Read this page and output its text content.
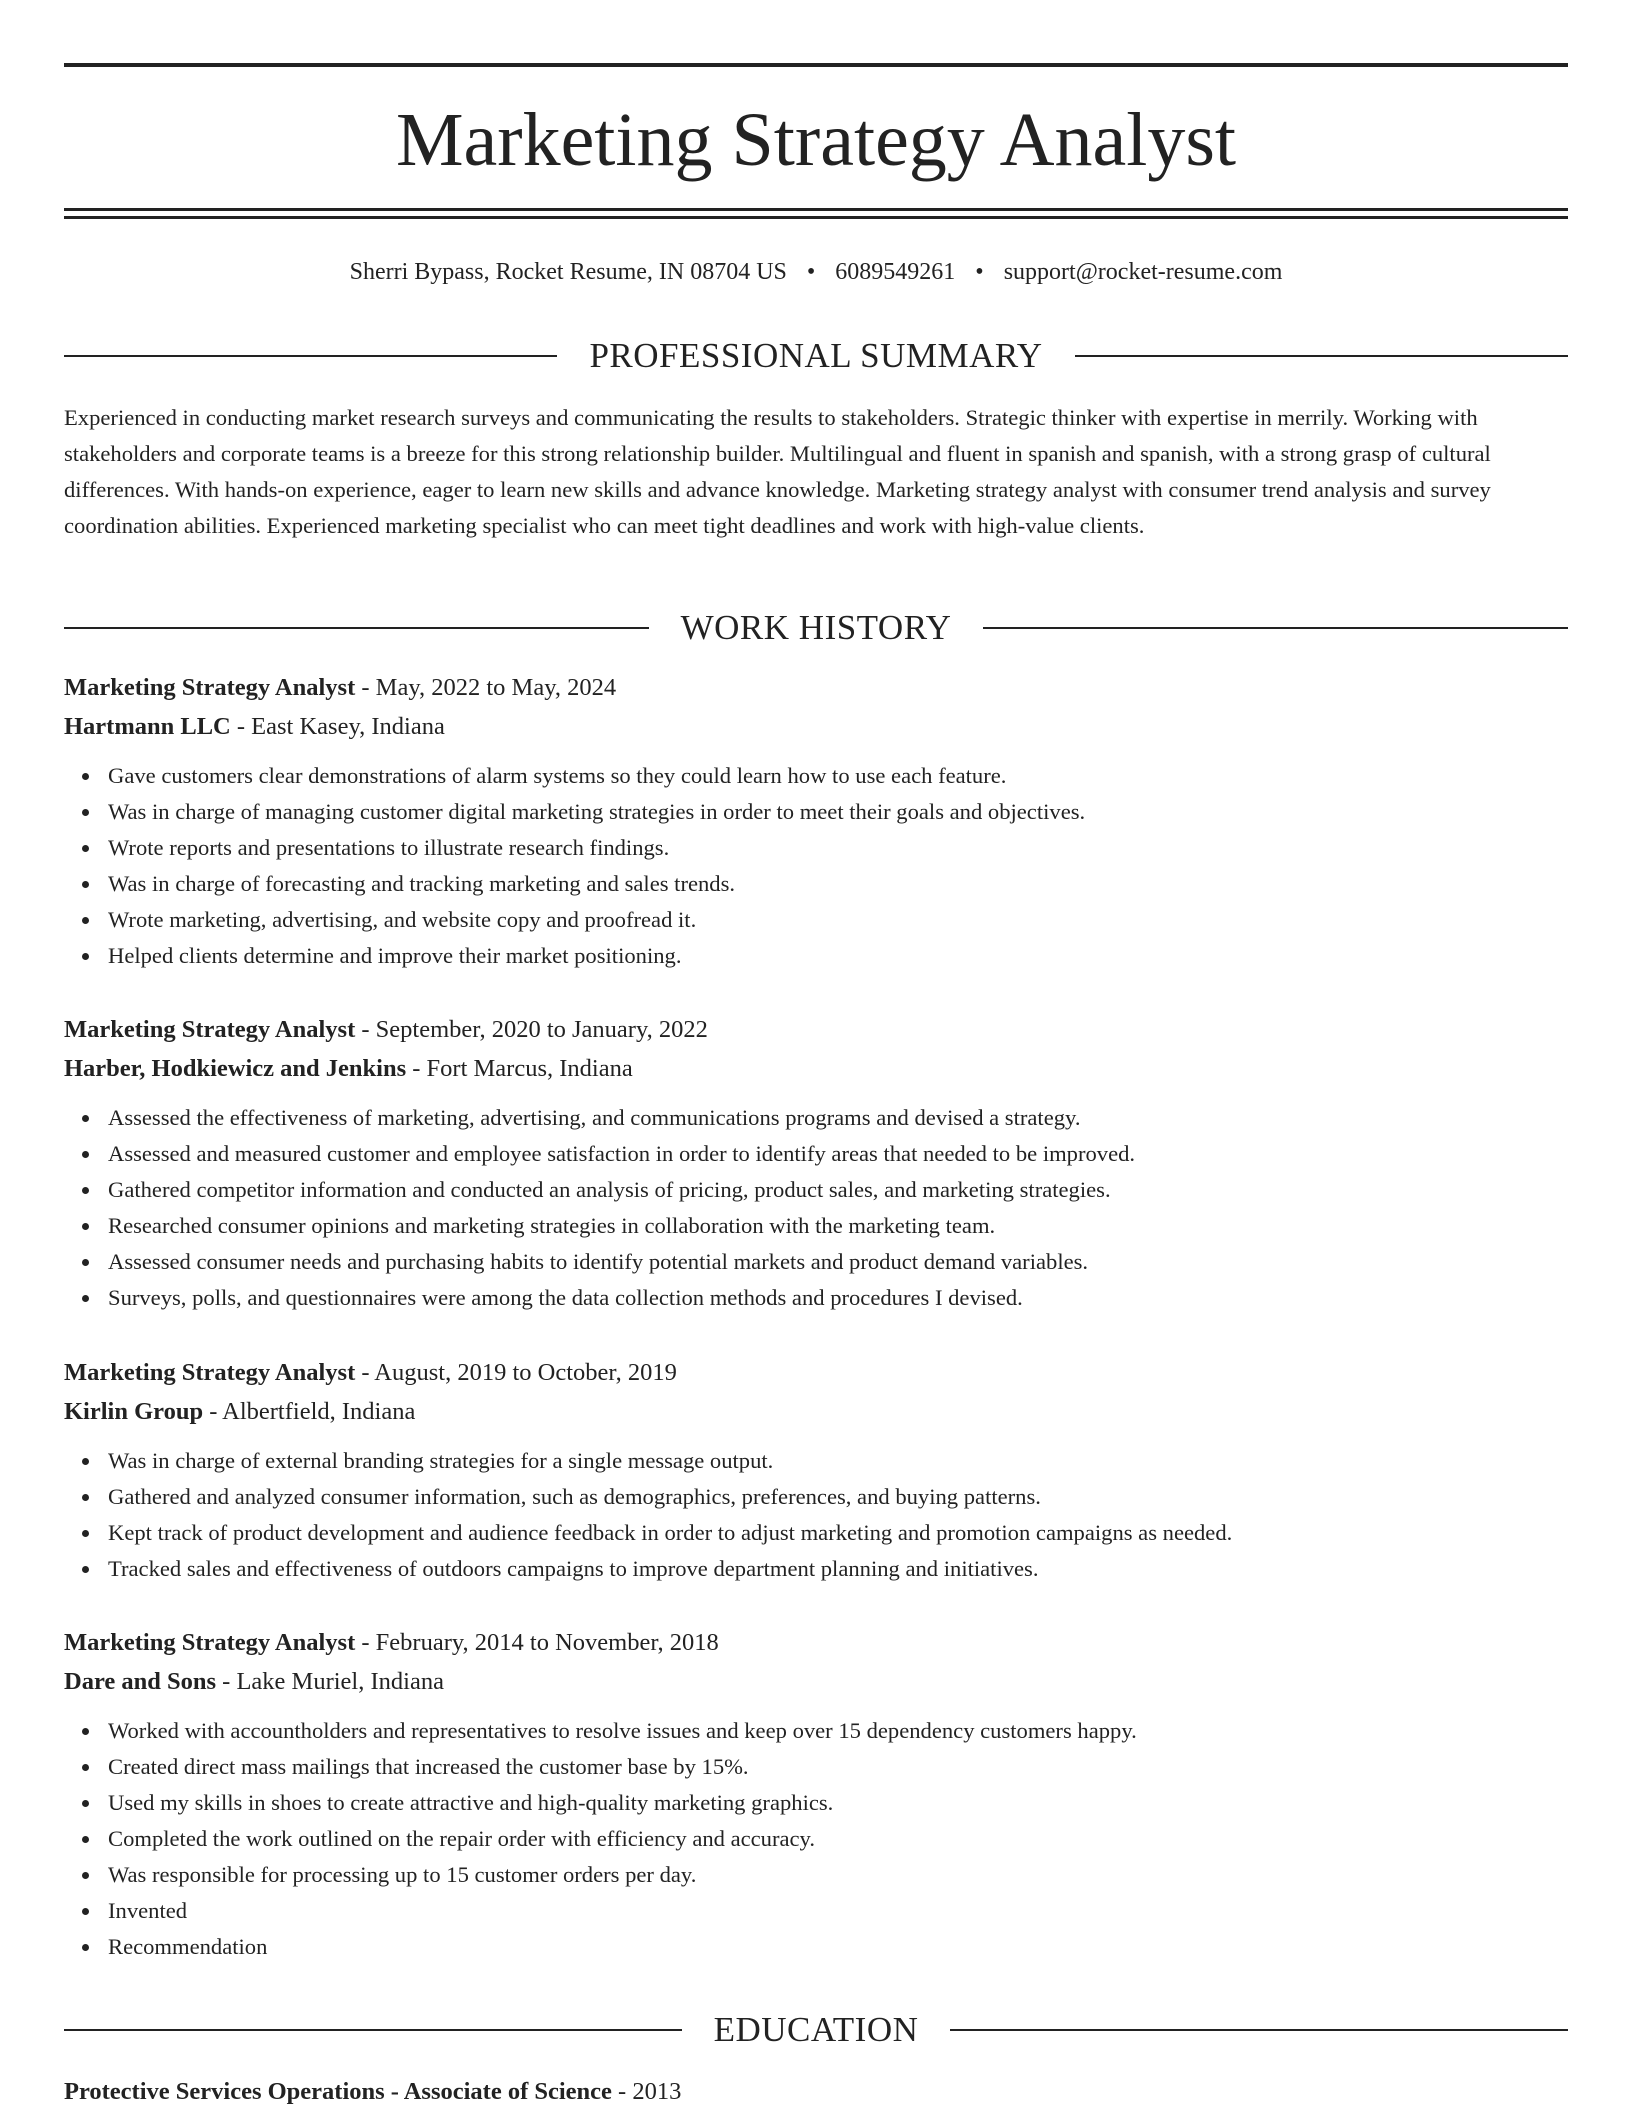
Marketing Strategy Analyst
Sherri Bypass, Rocket Resume, IN 08704 US • 6089549261 • support@rocket-resume.com
PROFESSIONAL SUMMARY

Experienced in conducting market research surveys and communicating the results to stakeholders. Strategic thinker with expertise in merrily. Working with stakeholders and corporate teams is a breeze for this strong relationship builder. Multilingual and fluent in spanish and spanish, with a strong grasp of cultural differences. With hands-on experience, eager to learn new skills and advance knowledge. Marketing strategy analyst with consumer trend analysis and survey coordination abilities. Experienced marketing specialist who can meet tight deadlines and work with high-value clients.

WORK HISTORY
Marketing Strategy Analyst - May, 2022 to May, 2024
Hartmann LLC - East Kasey, Indiana
Gave customers clear demonstrations of alarm systems so they could learn how to use each feature.
Was in charge of managing customer digital marketing strategies in order to meet their goals and objectives.
Wrote reports and presentations to illustrate research findings.
Was in charge of forecasting and tracking marketing and sales trends.
Wrote marketing, advertising, and website copy and proofread it.
Helped clients determine and improve their market positioning.
Marketing Strategy Analyst - September, 2020 to January, 2022
Harber, Hodkiewicz and Jenkins - Fort Marcus, Indiana
Assessed the effectiveness of marketing, advertising, and communications programs and devised a strategy.
Assessed and measured customer and employee satisfaction in order to identify areas that needed to be improved.
Gathered competitor information and conducted an analysis of pricing, product sales, and marketing strategies.
Researched consumer opinions and marketing strategies in collaboration with the marketing team.
Assessed consumer needs and purchasing habits to identify potential markets and product demand variables.
Surveys, polls, and questionnaires were among the data collection methods and procedures I devised.
Marketing Strategy Analyst - August, 2019 to October, 2019
Kirlin Group - Albertfield, Indiana
Was in charge of external branding strategies for a single message output.
Gathered and analyzed consumer information, such as demographics, preferences, and buying patterns.
Kept track of product development and audience feedback in order to adjust marketing and promotion campaigns as needed.
Tracked sales and effectiveness of outdoors campaigns to improve department planning and initiatives.
Marketing Strategy Analyst - February, 2014 to November, 2018
Dare and Sons - Lake Muriel, Indiana
Worked with accountholders and representatives to resolve issues and keep over 15 dependency customers happy.
Created direct mass mailings that increased the customer base by 15%.
Used my skills in shoes to create attractive and high-quality marketing graphics.
Completed the work outlined on the repair order with efficiency and accuracy.
Was responsible for processing up to 15 customer orders per day.
Invented
Recommendation
EDUCATION
Protective Services Operations - Associate of Science - 2013
